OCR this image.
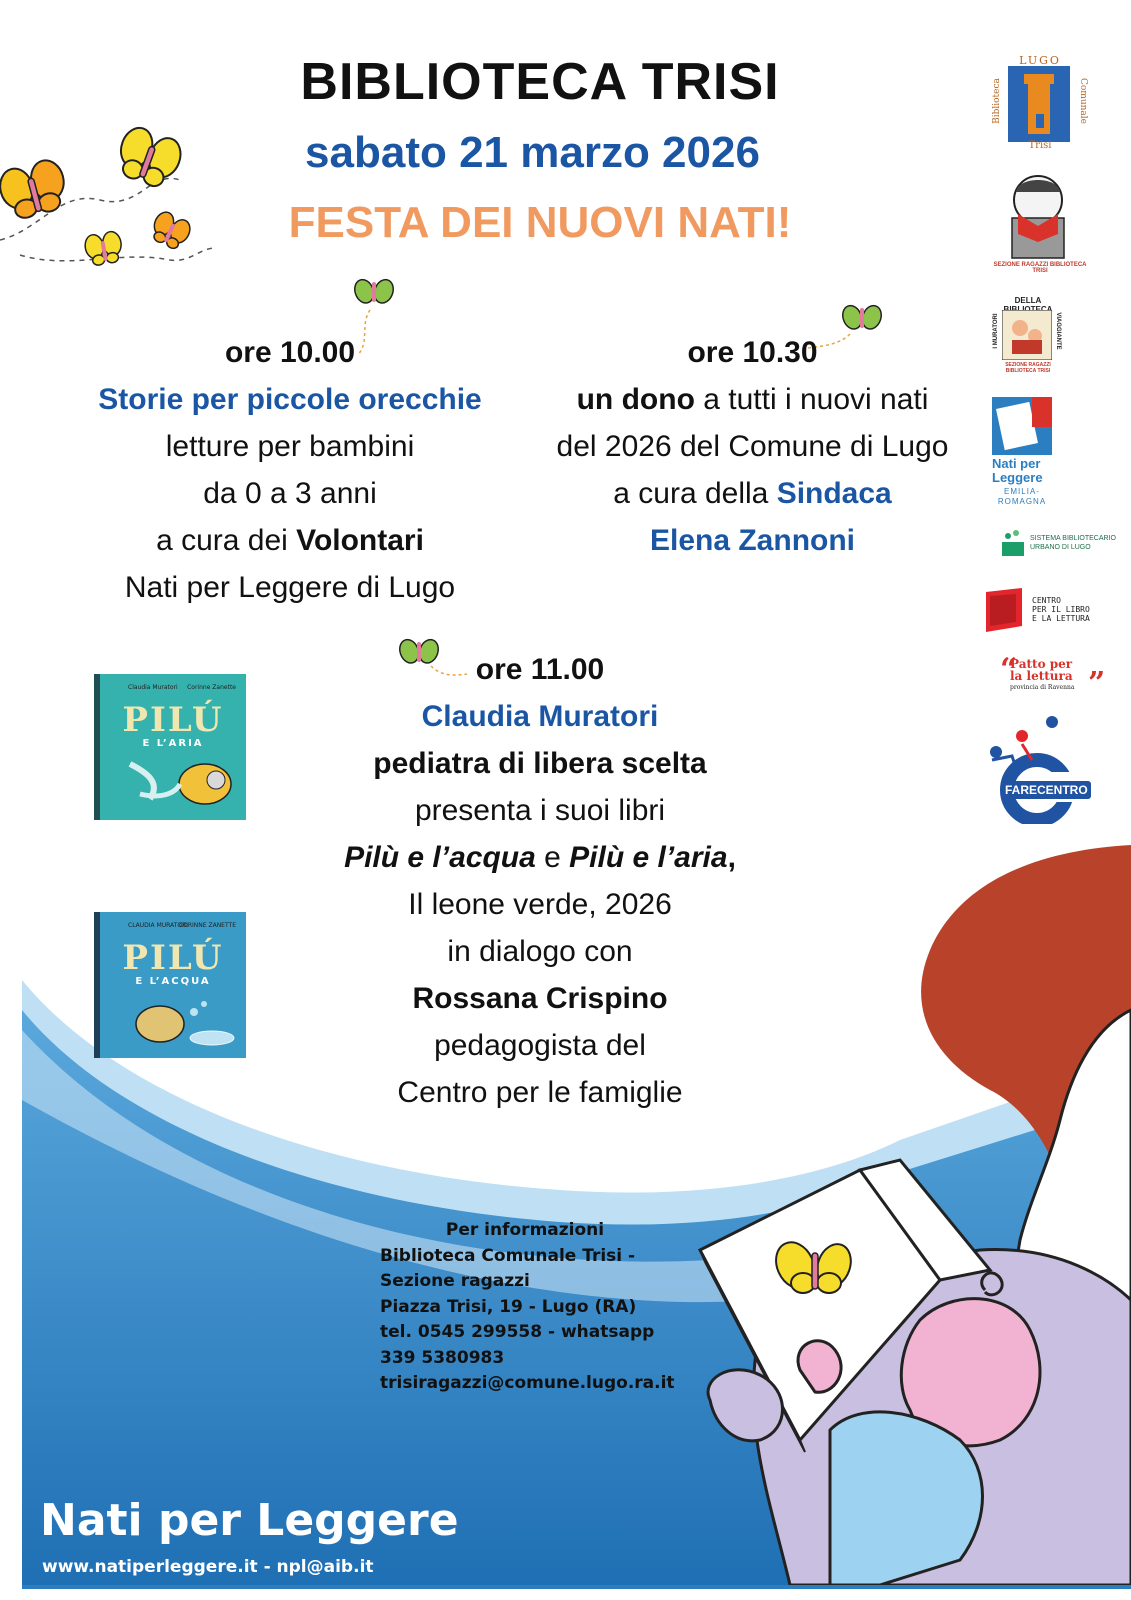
BIBLIOTECA TRISI
sabato 21 marzo 2026
FESTA DEI NUOVI NATI!
ore 10.00
Storie per piccole orecchie
letture per bambini
da 0 a 3 anni
a cura dei Volontari
Nati per Leggere di Lugo
ore 10.30
un dono a tutti i nuovi nati
del 2026 del Comune di Lugo
a cura della Sindaca
Elena Zannoni
ore 11.00
Claudia Muratori
pediatra di libera scelta
presenta i suoi libri
Pilù e l’acqua e Pilù e l’aria,
Il leone verde, 2026
in dialogo con
Rossana Crispino
pedagogista del
Centro per le famiglie
Claudia Muratori Corinne Zanette
PILÚ
E L’ARIA
CLAUDIA MURATORI
CORINNE ZANETTE
PILÚ
E L’ACQUA
Per informazioni
Biblioteca Comunale Trisi -
Sezione ragazzi
Piazza Trisi, 19 - Lugo (RA)
tel. 0545 299558 - whatsapp
339 5380983
trisiragazzi@comune.lugo.ra.it
Nati per Leggere
www.natiperleggere.it - npl@aib.it
LUGO
Biblioteca	Comunale
Trisi
SEZIONE RAGAZZI BIBLIOTECA TRISI
DELLA
I MURATORI	VIAGGIANTE
SEZIONE RAGAZZI BIBLIOTECA TRISI
Nati per
Leggere
EMILIA-
ROMAGNA
SISTEMA BIBLIOTECARIO
URBANO DI LUGO
CENTRO
PER IL LIBRO
E LA LETTURA
“
Patto per
la lettura
provincia di Ravenna ”
FARECENTRO
